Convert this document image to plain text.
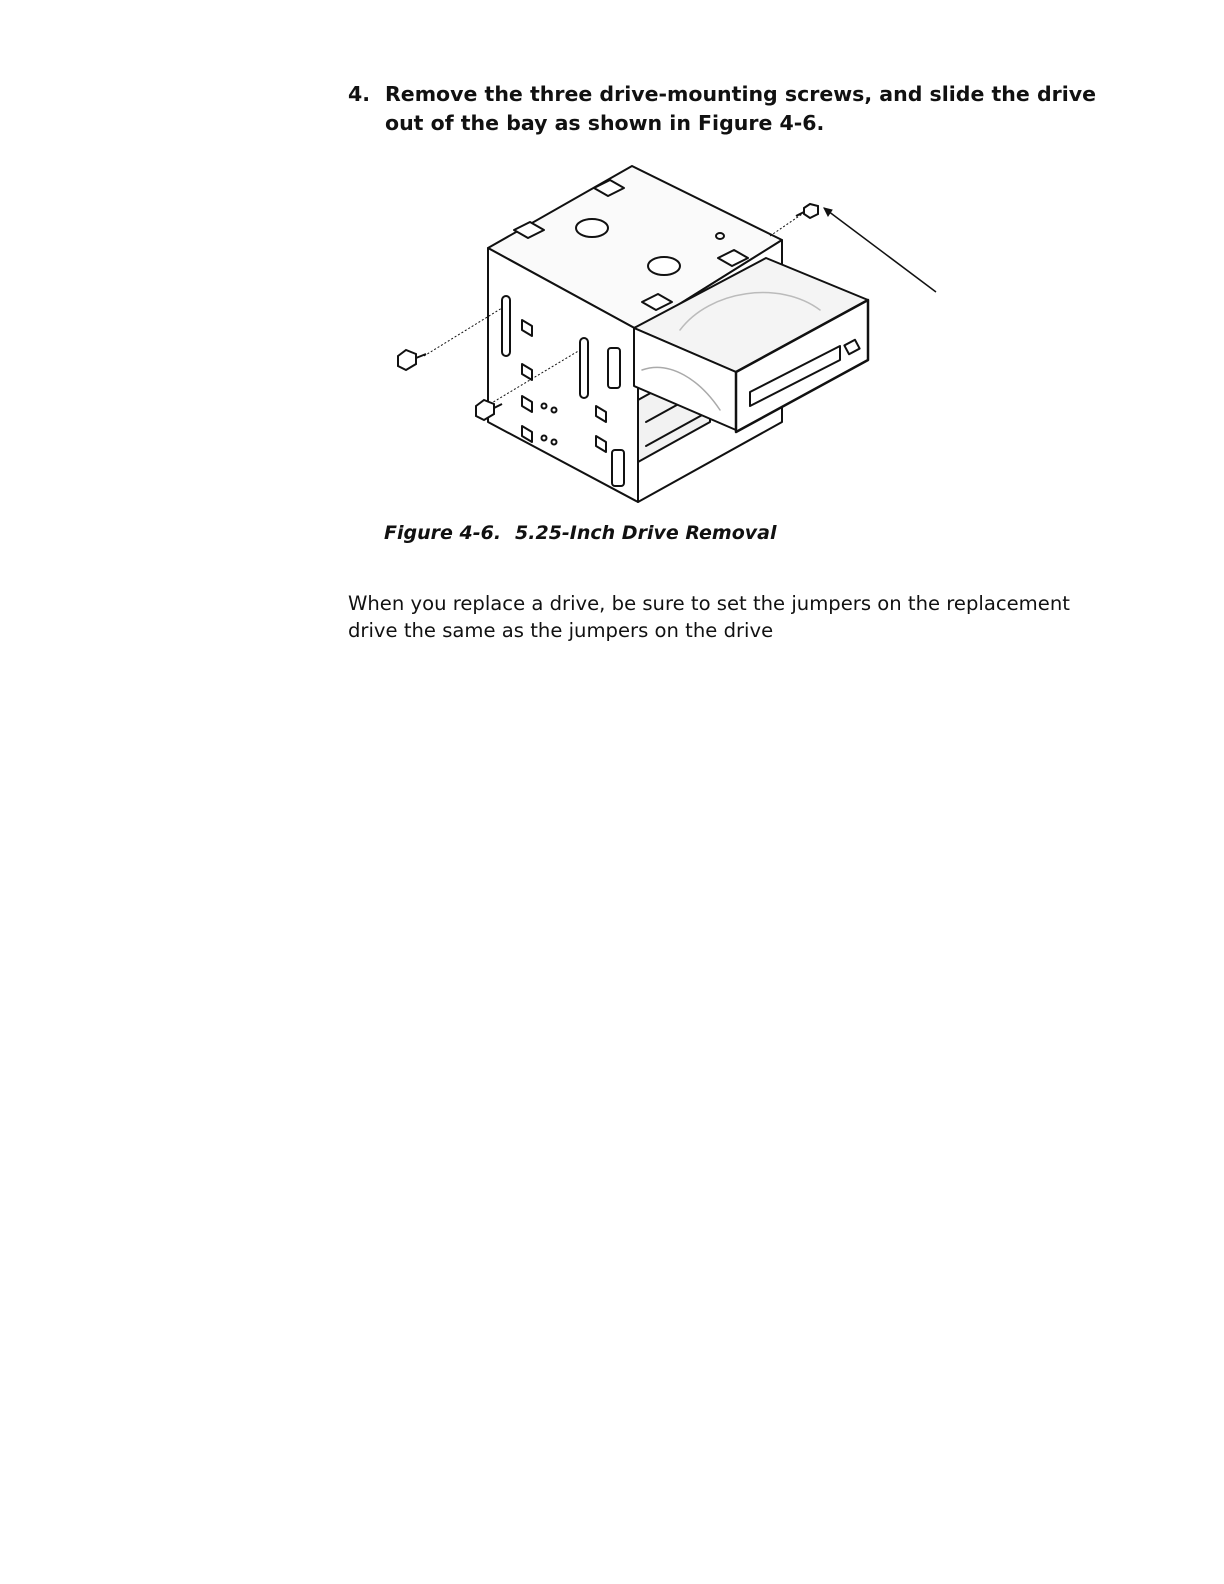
4. Remove the three drive-mounting screws, and slide the drive out of the bay as shown in Figure 4-6.
Figure 4-6. 5.25-Inch Drive Removal
When you replace a drive, be sure to set the jumpers on the replacement drive the same as the jumpers on the drive
